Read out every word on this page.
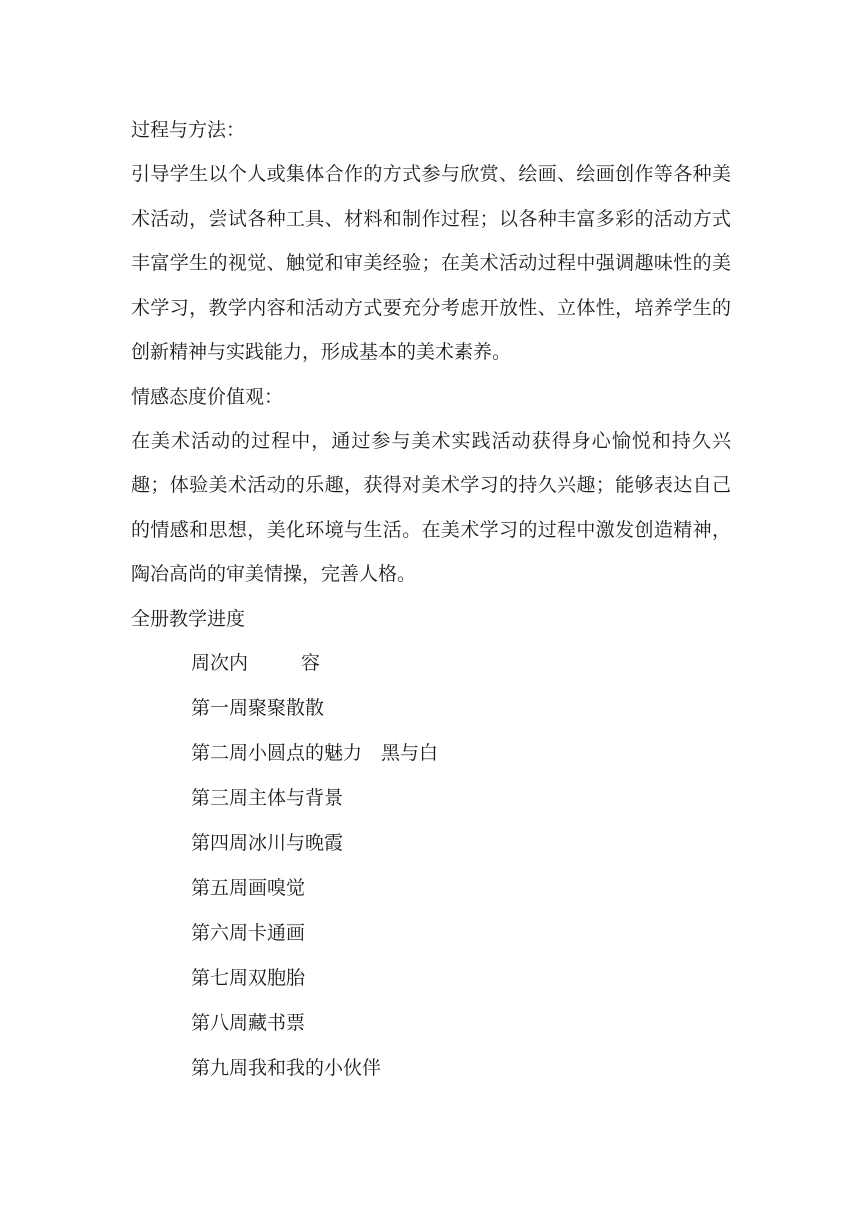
过程与方法：

引导学生以个人或集体合作的方式参与欣赏、绘画、绘画创作等各种美术活动，尝试各种工具、材料和制作过程；以各种丰富多彩的活动方式丰富学生的视觉、触觉和审美经验；在美术活动过程中强调趣味性的美术学习，教学内容和活动方式要充分考虑开放性、立体性，培养学生的创新精神与实践能力，形成基本的美术素养。

情感态度价值观：

在美术活动的过程中，通过参与美术实践活动获得身心愉悦和持久兴趣；体验美术活动的乐趣，获得对美术学习的持久兴趣；能够表达自己的情感和思想，美化环境与生活。在美术学习的过程中激发创造精神，陶冶高尚的审美情操，完善人格。

全册教学进度

周次内	容
第一周聚聚散散
第二周小圆点的魅力　黑与白
第三周主体与背景
第四周冰川与晚霞
第五周画嗅觉
第六周卡通画
第七周双胞胎
第八周藏书票
第九周我和我的小伙伴
